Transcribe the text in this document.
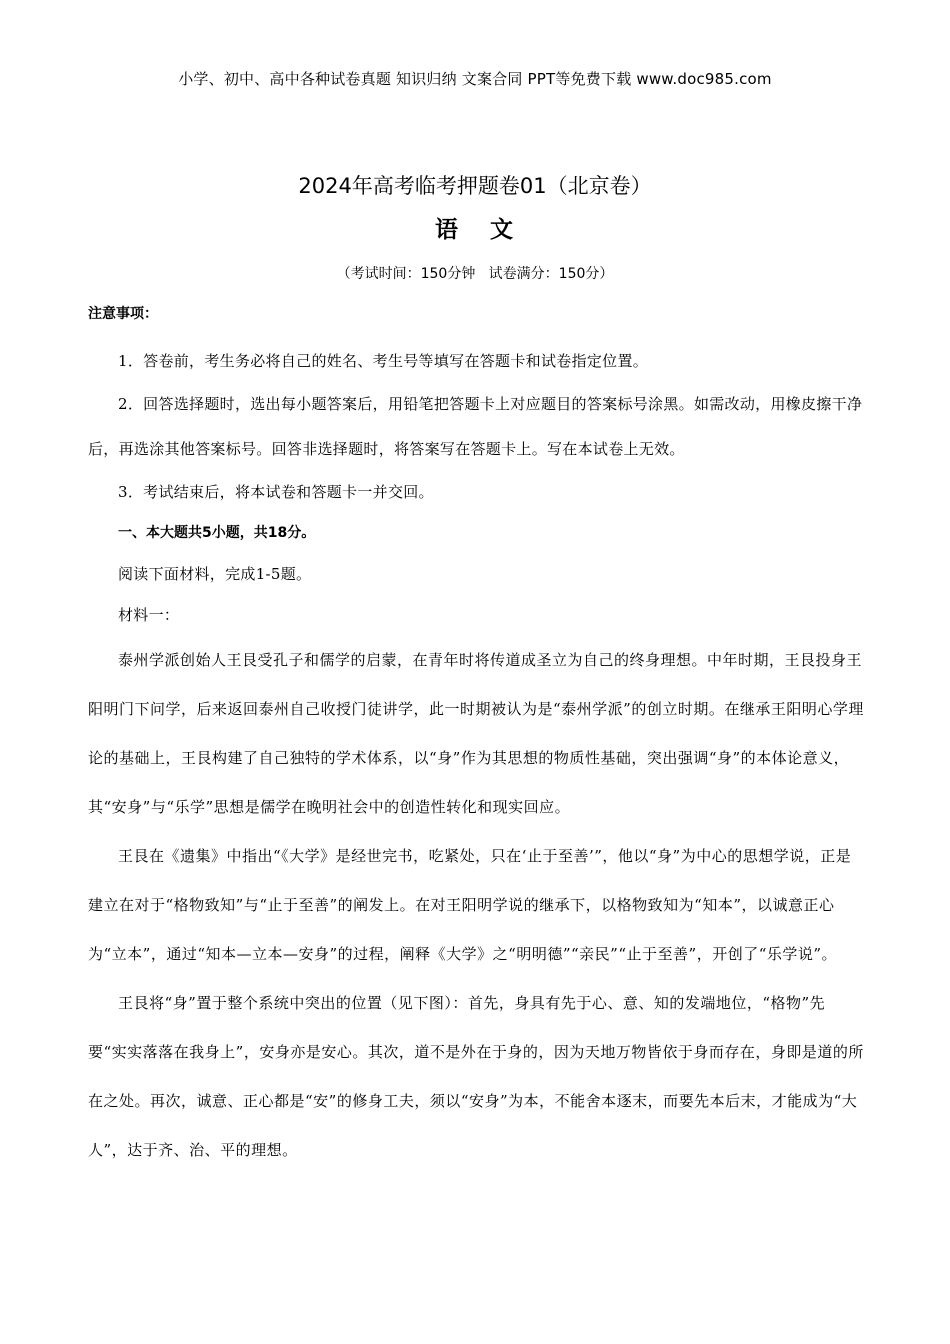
小学、初中、高中各种试卷真题 知识归纳 文案合同 PPT等免费下载 www.doc985.com
2024年高考临考押题卷01（北京卷）
语   文
（考试时间：150分钟   试卷满分：150分）
注意事项：

1．答卷前，考生务必将自己的姓名、考生号等填写在答题卡和试卷指定位置。

2．回答选择题时，选出每小题答案后，用铅笔把答题卡上对应题目的答案标号涂黑。如需改动，用橡皮擦干净后，再选涂其他答案标号。回答非选择题时，将答案写在答题卡上。写在本试卷上无效。

3．考试结束后，将本试卷和答题卡一并交回。

一、本大题共5小题，共18分。

阅读下面材料，完成1-5题。

材料一：

泰州学派创始人王艮受孔子和儒学的启蒙，在青年时将传道成圣立为自己的终身理想。中年时期，王艮投身王阳明门下问学，后来返回泰州自己收授门徒讲学，此一时期被认为是“泰州学派”的创立时期。在继承王阳明心学理论的基础上，王艮构建了自己独特的学术体系，以“身”作为其思想的物质性基础，突出强调“身”的本体论意义，其“安身”与“乐学”思想是儒学在晚明社会中的创造性转化和现实回应。

王艮在《遗集》中指出“《大学》是经世完书，吃紧处，只在‘止于至善’”，他以“身”为中心的思想学说，正是建立在对于“格物致知”与“止于至善”的阐发上。在对王阳明学说的继承下，以格物致知为“知本”，以诚意正心为“立本”，通过“知本—立本—安身”的过程，阐释《大学》之“明明德”“亲民”“止于至善”，开创了“乐学说”。

王艮将“身”置于整个系统中突出的位置（见下图）：首先，身具有先于心、意、知的发端地位，“格物”先要“实实落落在我身上”，安身亦是安心。其次，道不是外在于身的，因为天地万物皆依于身而存在，身即是道的所在之处。再次，诚意、正心都是“安”的修身工夫，须以“安身”为本，不能舍本逐末，而要先本后末，才能成为“大人”，达于齐、治、平的理想。
